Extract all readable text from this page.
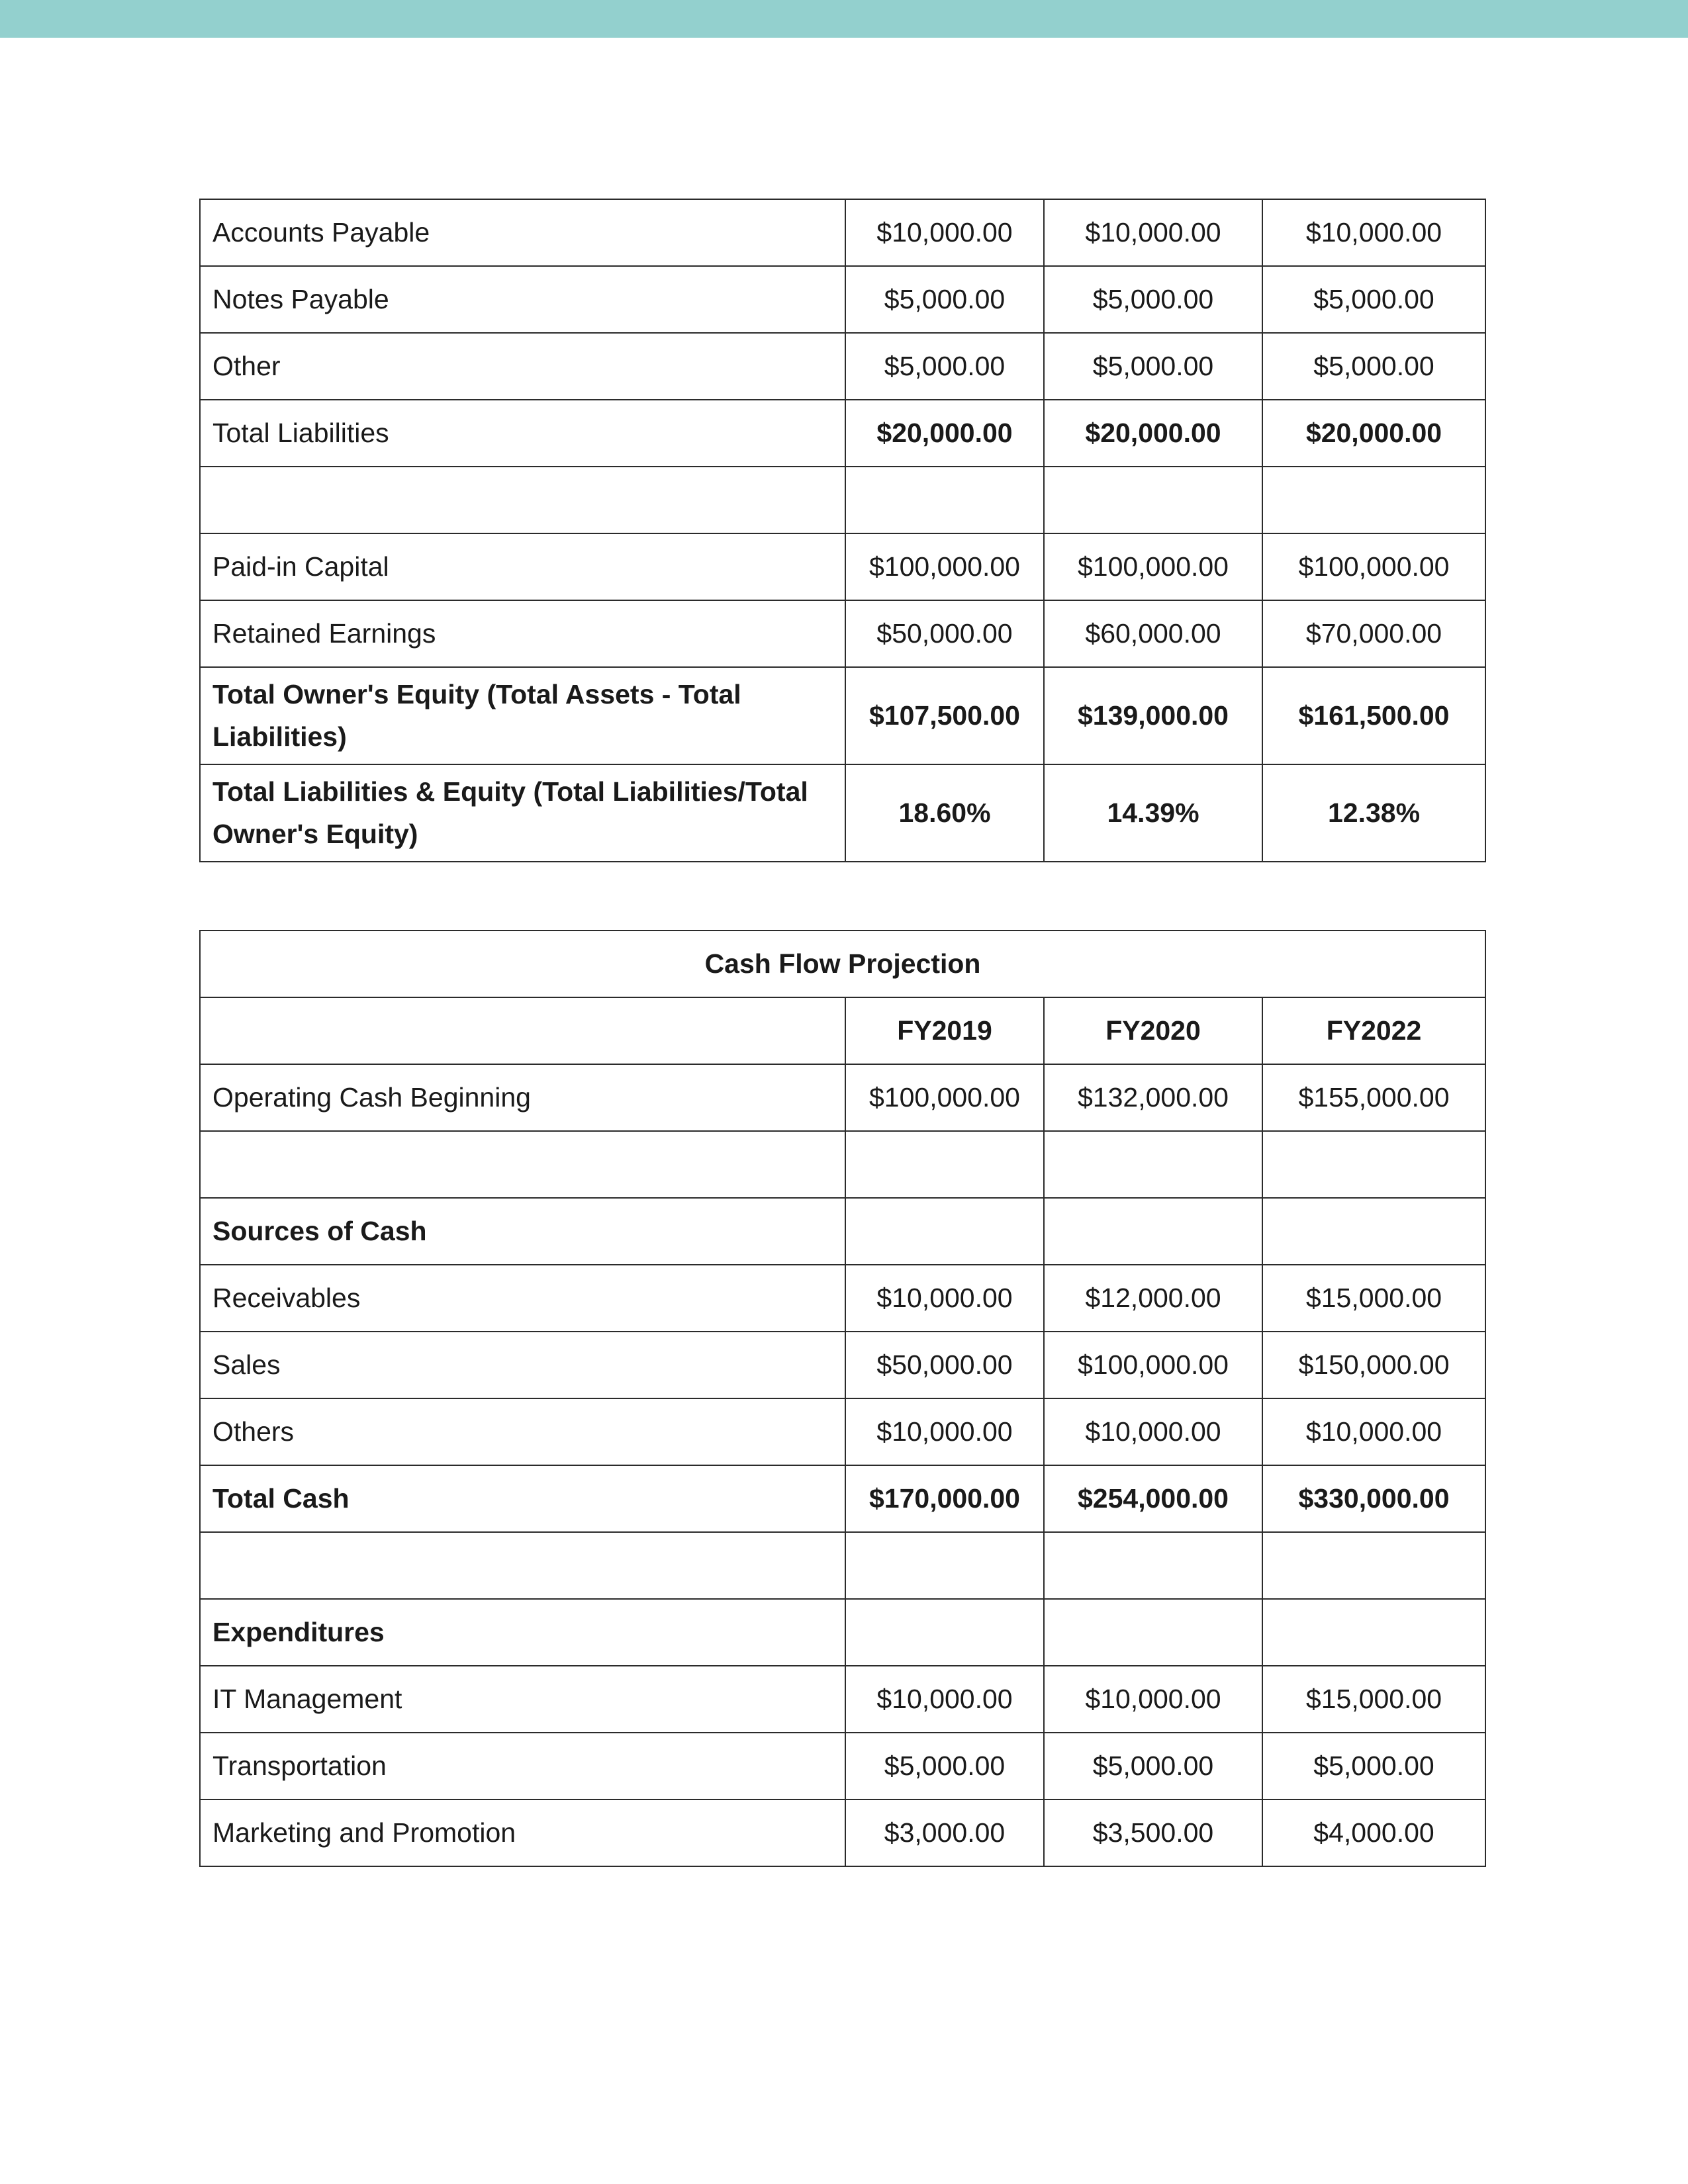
Accounts Payable	$10,000.00	$10,000.00	$10,000.00
Notes Payable	$5,000.00	$5,000.00	$5,000.00
Other	$5,000.00	$5,000.00	$5,000.00
Total Liabilities	$20,000.00	$20,000.00	$20,000.00

Paid-in Capital	$100,000.00	$100,000.00	$100,000.00
Retained Earnings	$50,000.00	$60,000.00	$70,000.00
Total Owner's Equity (Total Assets - Total Liabilities)	$107,500.00	$139,000.00	$161,500.00
Total Liabilities & Equity (Total Liabilities/Total Owner's Equity)	18.60%	14.39%	12.38%
Cash Flow Projection			
	FY2019	FY2020	FY2022
Operating Cash Beginning	$100,000.00	$132,000.00	$155,000.00

Sources of Cash			
Receivables	$10,000.00	$12,000.00	$15,000.00
Sales	$50,000.00	$100,000.00	$150,000.00
Others	$10,000.00	$10,000.00	$10,000.00
Total Cash	$170,000.00	$254,000.00	$330,000.00

Expenditures			
IT Management	$10,000.00	$10,000.00	$15,000.00
Transportation	$5,000.00	$5,000.00	$5,000.00
Marketing and Promotion	$3,000.00	$3,500.00	$4,000.00
